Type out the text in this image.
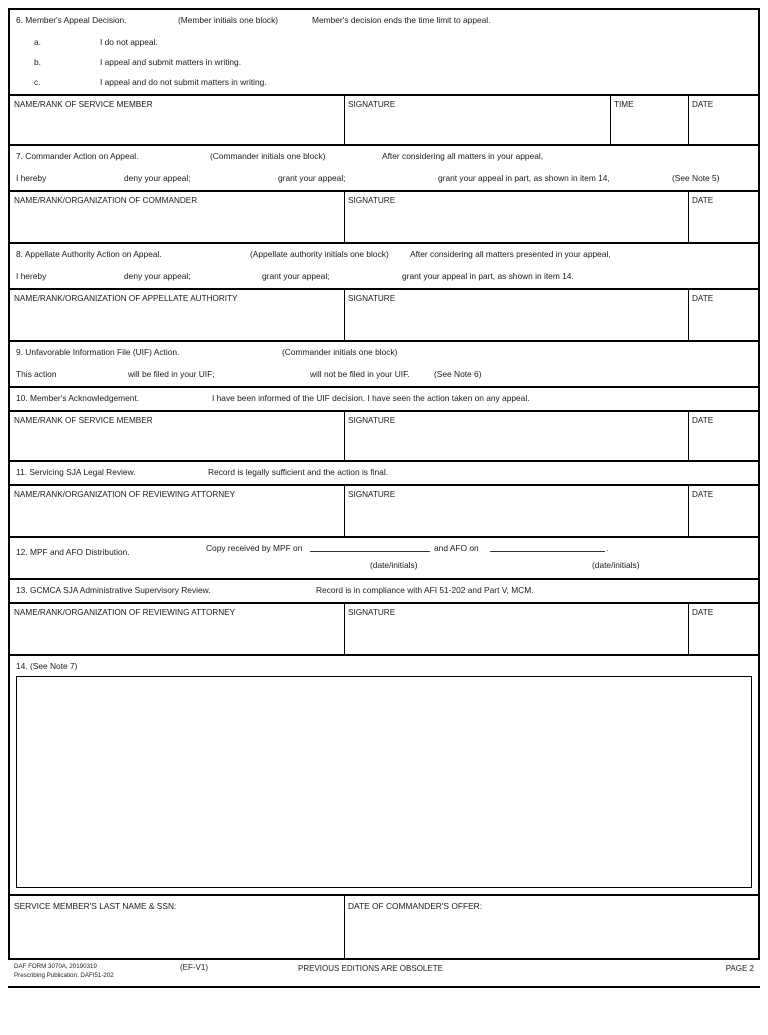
6. Member's Appeal Decision.	(Member initials one block)	Member's decision ends the time limit to appeal.
a.	I do not appeal.
b.	I appeal and submit matters in writing.
c.	I appeal and do not submit matters in writing.
NAME/RANK OF SERVICE MEMBER	SIGNATURE	TIME	DATE
7. Commander Action on Appeal.	(Commander initials one block)	After considering all matters in your appeal,
I hereby	deny your appeal;	grant your appeal;	grant your appeal in part, as shown in item 14,	(See Note 5)
NAME/RANK/ORGANIZATION OF COMMANDER	SIGNATURE	DATE
8. Appellate Authority Action on Appeal.	(Appellate authority initials one block)	After considering all matters presented in your appeal,
I hereby	deny your appeal;	grant your appeal;	grant your appeal in part, as shown in item 14.
NAME/RANK/ORGANIZATION OF APPELLATE AUTHORITY	SIGNATURE	DATE
9. Unfavorable Information File (UIF) Action.	(Commander initials one block)
This action	will be filed in your UIF;	will not be filed in your UIF.	(See Note 6)
10. Member's Acknowledgement.	I have been informed of the UIF decision. I have seen the action taken on any appeal.
NAME/RANK OF SERVICE MEMBER	SIGNATURE	DATE
11. Servicing SJA Legal Review.	Record is legally sufficient and the action is final.
NAME/RANK/ORGANIZATION OF REVIEWING ATTORNEY	SIGNATURE	DATE
12. MPF and AFO Distribution.	Copy received by MPF on	and AFO on	.
(date/initials)	(date/initials)
13. GCMCA SJA Administrative Supervisory Review.	Record is in compliance with AFI 51-202 and Part V, MCM.
NAME/RANK/ORGANIZATION OF REVIEWING ATTORNEY	SIGNATURE	DATE
14. (See Note 7)
SERVICE MEMBER'S LAST NAME & SSN:	DATE OF COMMANDER'S OFFER:
DAF FORM 3070A, 20190319
Prescribing Publication: DAFI51-202
(EF-V1)	PREVIOUS EDITIONS ARE OBSOLETE	PAGE 2
